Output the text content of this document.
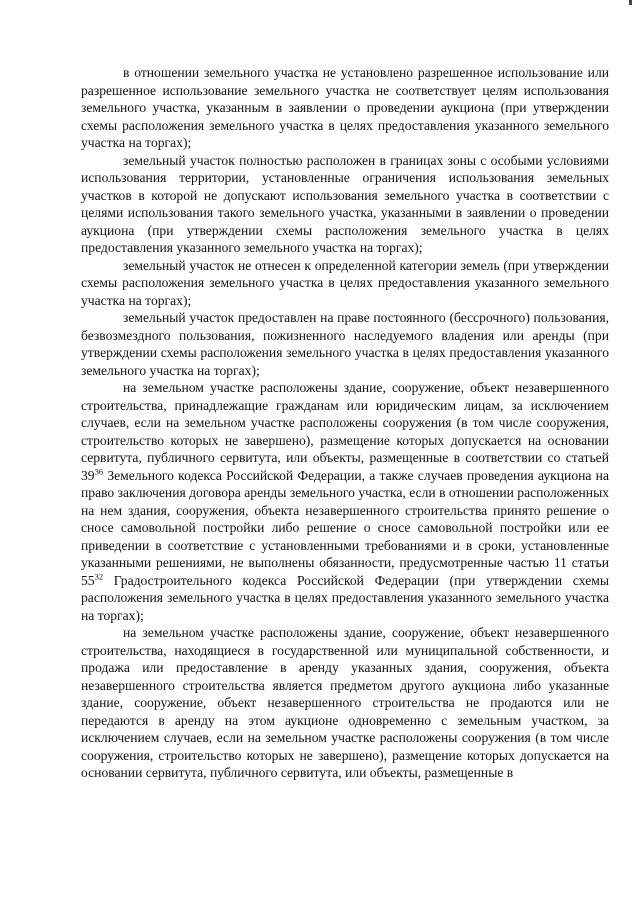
в отношении земельного участка не установлено разрешенное использование или разрешенное использование земельного участка не соответствует целям использования земельного участка, указанным в заявлении о проведении аукциона (при утверждении схемы расположения земельного участка в целях предоставления указанного земельного участка на торгах);

земельный участок полностью расположен в границах зоны с особыми условиями использования территории, установленные ограничения использования земельных участков в которой не допускают использования земельного участка в соответствии с целями использования такого земельного участка, указанными в заявлении о проведении аукциона (при утверждении схемы расположения земельного участка в целях предоставления указанного земельного участка на торгах);

земельный участок не отнесен к определенной категории земель (при утверждении схемы расположения земельного участка в целях предоставления указанного земельного участка на торгах);

земельный участок предоставлен на праве постоянного (бессрочного) пользования, безвозмездного пользования, пожизненного наследуемого владения или аренды (при утверждении схемы расположения земельного участка в целях предоставления указанного земельного участка на торгах);

на земельном участке расположены здание, сооружение, объект незавершенного строительства, принадлежащие гражданам или юридическим лицам, за исключением случаев, если на земельном участке расположены сооружения (в том числе сооружения, строительство которых не завершено), размещение которых допускается на основании сервитута, публичного сервитута, или объекты, размещенные в соответствии со статьей $39^{36}$ Земельного кодекса Российской Федерации, а также случаев проведения аукциона на право заключения договора аренды земельного участка, если в отношении расположенных на нем здания, сооружения, объекта незавершенного строительства принято решение о сносе самовольной постройки либо решение о сносе самовольной постройки или ее приведении в соответствие с установленными требованиями и в сроки, установленные указанными решениями, не выполнены обязанности, предусмотренные частью 11 статьи $55^{32}$ Градостроительного кодекса Российской Федерации (при утверждении схемы расположения земельного участка в целях предоставления указанного земельного участка на торгах);

на земельном участке расположены здание, сооружение, объект незавершенного строительства, находящиеся в государственной или муниципальной собственности, и продажа или предоставление в аренду указанных здания, сооружения, объекта незавершенного строительства является предметом другого аукциона либо указанные здание, сооружение, объект незавершенного строительства не продаются или не передаются в аренду на этом аукционе одновременно с земельным участком, за исключением случаев, если на земельном участке расположены сооружения (в том числе сооружения, строительство которых не завершено), размещение которых допускается на основании сервитута, публичного сервитута, или объекты, размещенные в
